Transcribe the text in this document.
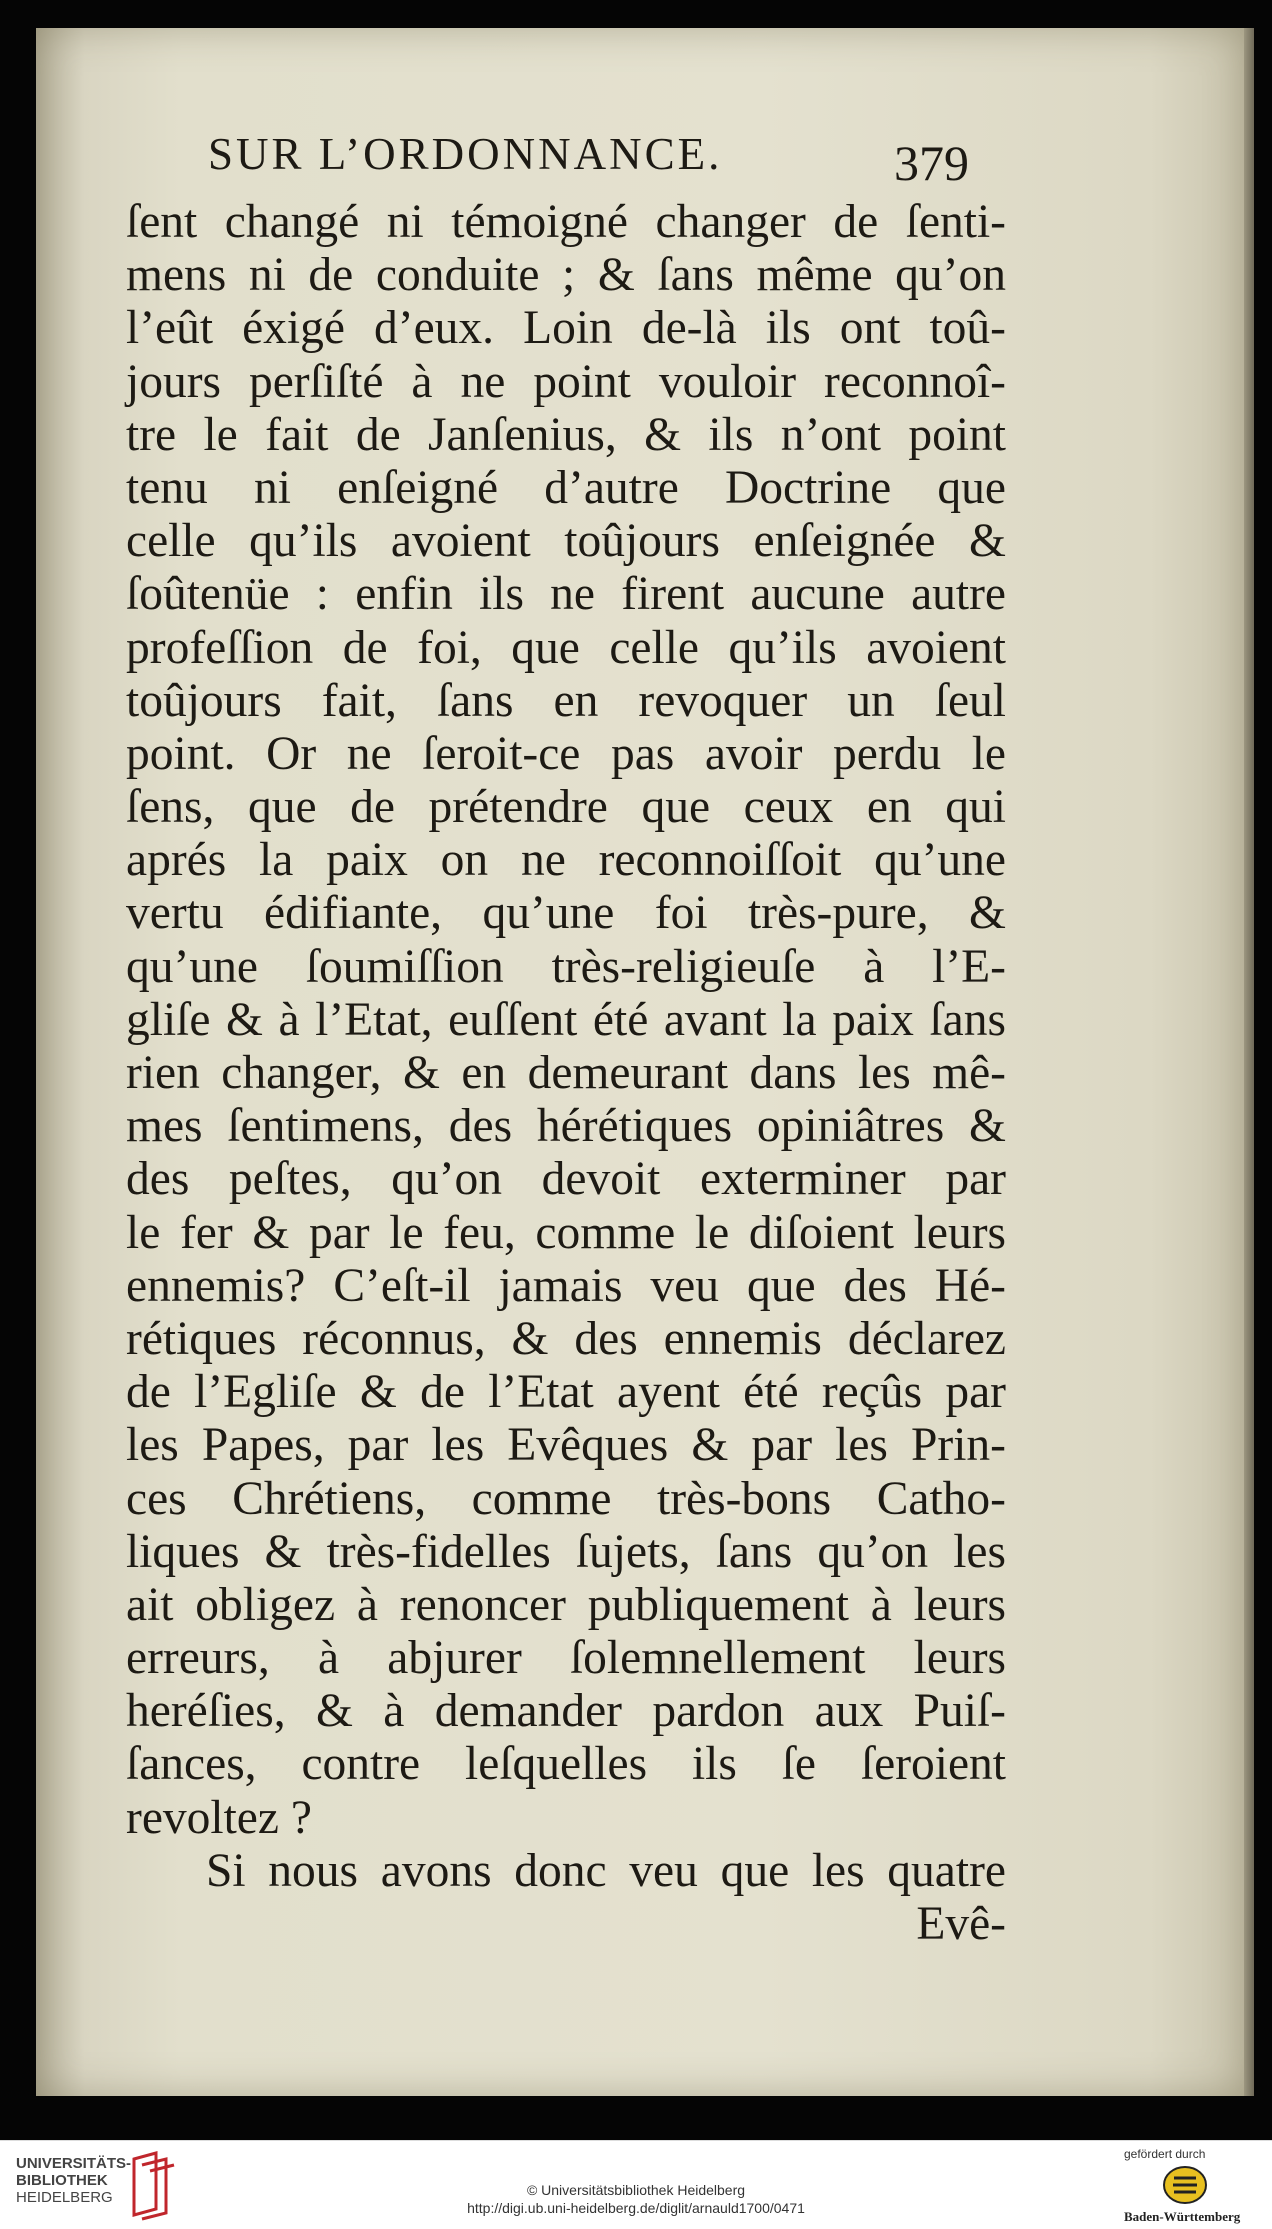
SUR L’ORDONNANCE.	379
ſent changé ni témoigné changer de ſenti-
mens ni de conduite ; & ſans même qu’on
l’eût éxigé d’eux. Loin de-là ils ont toû-
jours perſiſté à ne point vouloir reconnoî-
tre le fait de Janſenius, & ils n’ont point
tenu ni enſeigné d’autre Doctrine que
celle qu’ils avoient toûjours enſeignée &
ſoûtenüe : enfin ils ne firent aucune autre
profeſſion de foi, que celle qu’ils avoient
toûjours fait, ſans en revoquer un ſeul
point. Or ne ſeroit-ce pas avoir perdu le
ſens, que de prétendre que ceux en qui
aprés la paix on ne reconnoiſſoit qu’une
vertu édifiante, qu’une foi très-pure, &
qu’une ſoumiſſion très-religieuſe à l’E-
gliſe & à l’Etat, euſſent été avant la paix ſans
rien changer, & en demeurant dans les mê-
mes ſentimens, des hérétiques opiniâtres &
des peſtes, qu’on devoit exterminer par
le fer & par le feu, comme le diſoient leurs
ennemis? C’eſt-il jamais veu que des Hé-
rétiques réconnus, & des ennemis déclarez
de l’Egliſe & de l’Etat ayent été reçûs par
les Papes, par les Evêques & par les Prin-
ces Chrétiens, comme très-bons Catho-
liques & très-fidelles ſujets, ſans qu’on les
ait obligez à renoncer publiquement à leurs
erreurs, à abjurer ſolemnellement leurs
heréſies, & à demander pardon aux Puiſ-
ſances, contre leſquelles ils ſe ſeroient
revoltez ?
Si nous avons donc veu que les quatre
Evê-
UNIVERSITÄTS-
BIBLIOTHEK
HEIDELBERG	© Universitätsbibliothek Heidelberg
http://digi.ub.uni-heidelberg.de/diglit/arnauld1700/0471
gefördert durch
Baden-Württemberg
